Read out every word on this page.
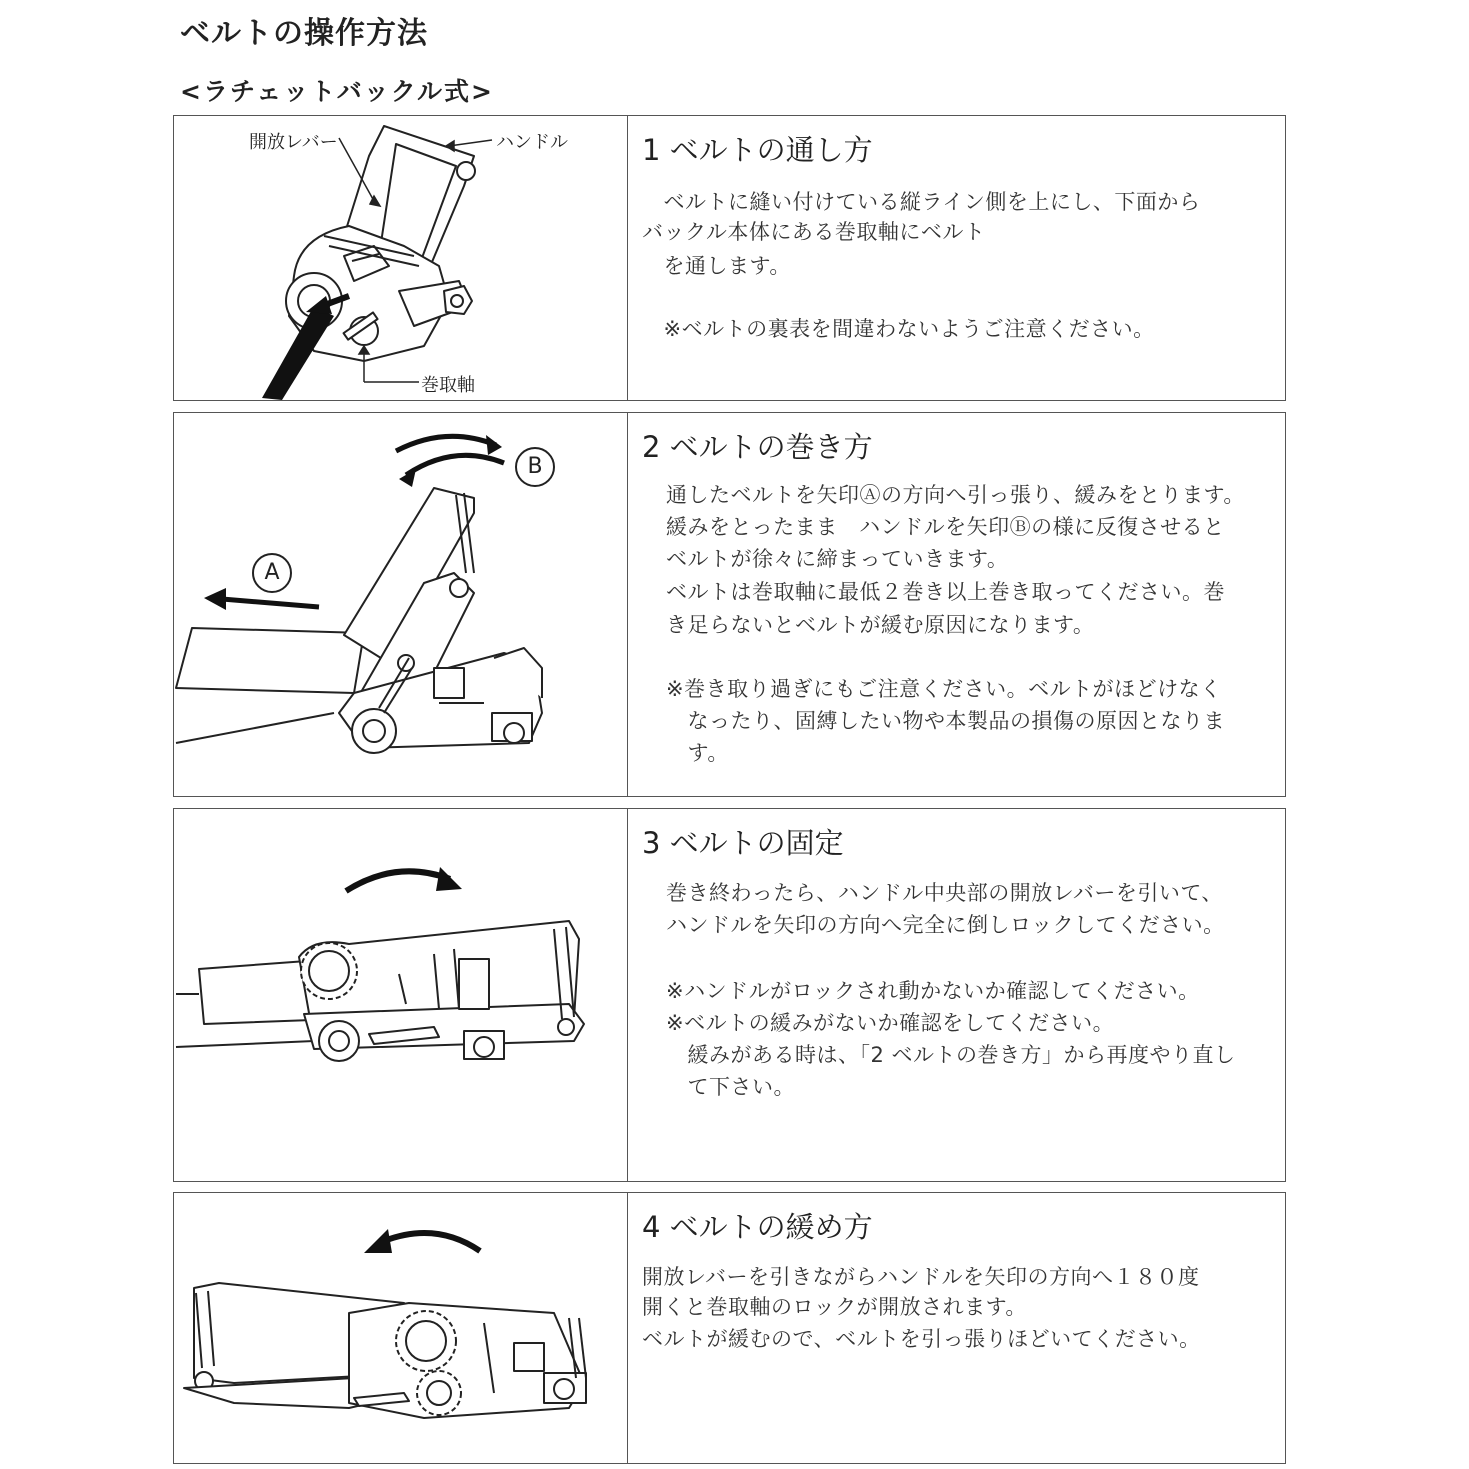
ベルトの操作方法
<ラチェットバックル式>
開放レバー	ハンドル
巻取軸
1 ベルトの通し方
　ベルトに縫い付けている縦ライン側を上にし、下面から
バックル本体にある巻取軸にベルト
　を通します。
　※ベルトの裏表を間違わないようご注意ください。
B
A
2 ベルトの巻き方
通したベルトを矢印Ⓐの方向へ引っ張り、緩みをとります。
緩みをとったまま　ハンドルを矢印Ⓑの様に反復させると
ベルトが徐々に締まっていきます。
ベルトは巻取軸に最低２巻き以上巻き取ってください。巻
き足らないとベルトが緩む原因になります。
※巻き取り過ぎにもご注意ください。ベルトがほどけなく
　なったり、固縛したい物や本製品の損傷の原因となりま
　す。
3 ベルトの固定
巻き終わったら、ハンドル中央部の開放レバーを引いて、
ハンドルを矢印の方向へ完全に倒しロックしてください。
※ハンドルがロックされ動かないか確認してください。
※ベルトの緩みがないか確認をしてください。
　緩みがある時は、「2 ベルトの巻き方」から再度やり直し
　て下さい。
4 ベルトの緩め方
開放レバーを引きながらハンドルを矢印の方向へ１８０度
開くと巻取軸のロックが開放されます。
ベルトが緩むので、ベルトを引っ張りほどいてください。
